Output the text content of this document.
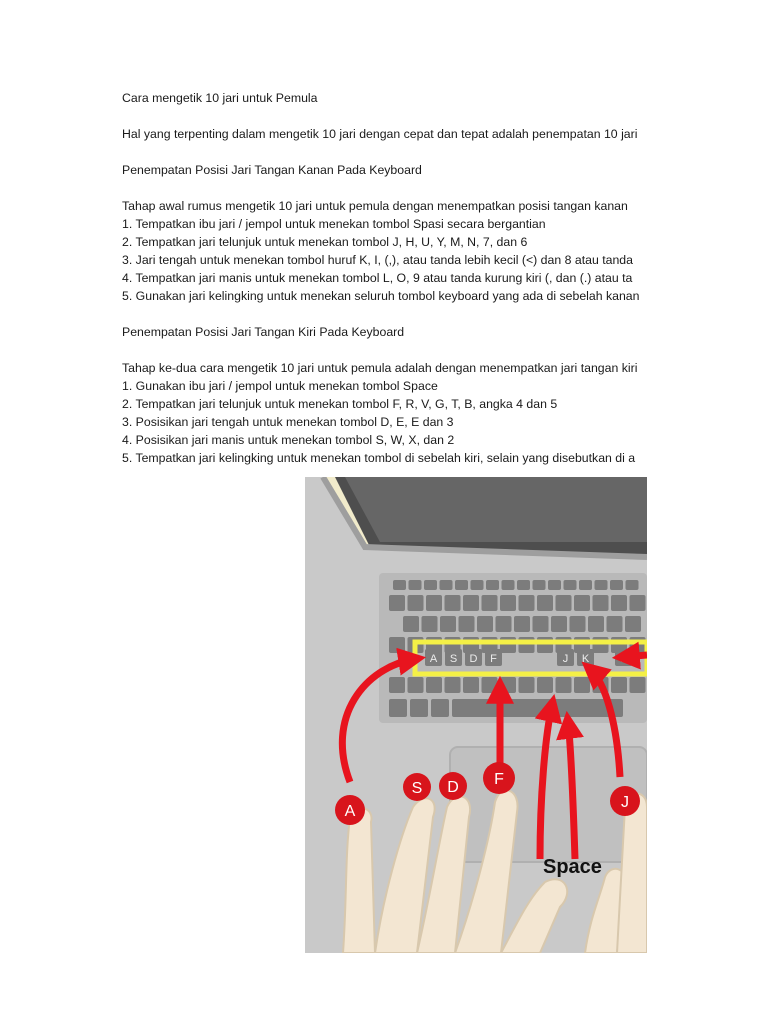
Cara mengetik 10 jari untuk Pemula
Hal yang terpenting dalam mengetik 10 jari dengan cepat dan tepat adalah penempatan 10 jari
Penempatan Posisi Jari Tangan Kanan Pada Keyboard
Tahap awal rumus mengetik 10 jari untuk pemula dengan menempatkan posisi tangan kanan
1. Tempatkan ibu jari / jempol untuk menekan tombol Spasi secara bergantian
2. Tempatkan jari telunjuk untuk menekan tombol J, H, U, Y, M, N, 7, dan 6
3. Jari tengah untuk menekan tombol huruf K, I, (,), atau tanda lebih kecil (<) dan 8 atau tanda
4. Tempatkan jari manis untuk menekan tombol L, O, 9 atau tanda kurung kiri (, dan (.) atau ta
5. Gunakan jari kelingking untuk menekan seluruh tombol keyboard yang ada di sebelah kanan
Penempatan Posisi Jari Tangan Kiri Pada Keyboard
Tahap ke-dua cara mengetik 10 jari untuk pemula adalah dengan menempatkan jari tangan kiri
1. Gunakan ibu jari / jempol untuk menekan tombol Space
2. Tempatkan jari telunjuk untuk menekan tombol F, R, V, G, T, B, angka 4 dan 5
3. Posisikan jari tengah untuk menekan tombol D, E, E dan 3
4. Posisikan jari manis untuk menekan tombol S, W, X, dan 2
5. Tempatkan jari kelingking untuk menekan tombol di sebelah kiri, selain yang disebutkan di a
A S D F	J K	L
A
S D F
J
Space
